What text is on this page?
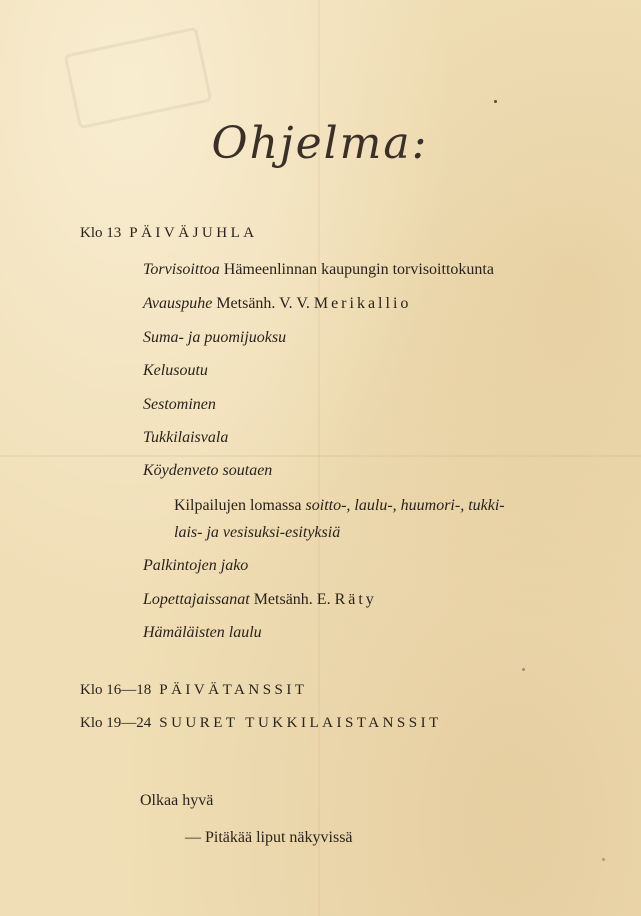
Ohjelma:
Klo 13 PÄIVÄJUHLA
Torvisoittoa Hämeenlinnan kaupungin torvisoittokunta
Avauspuhe Metsänh. V. V. Merikallio
Suma- ja puomijuoksu
Kelusoutu
Sestominen
Tukkilaisvala
Köydenveto soutaen
Kilpailujen lomassa soitto-, laulu-, huumori-, tukki-
lais- ja vesisuksi-esityksiä
Palkintojen jako
Lopettajaissanat Metsänh. E. Räty
Hämäläisten laulu
Klo 16—18 PÄIVÄTANSSIT
Klo 19—24 SUURET TUKKILAISTANSSIT
Olkaa hyvä
— Pitäkää liput näkyvissä
